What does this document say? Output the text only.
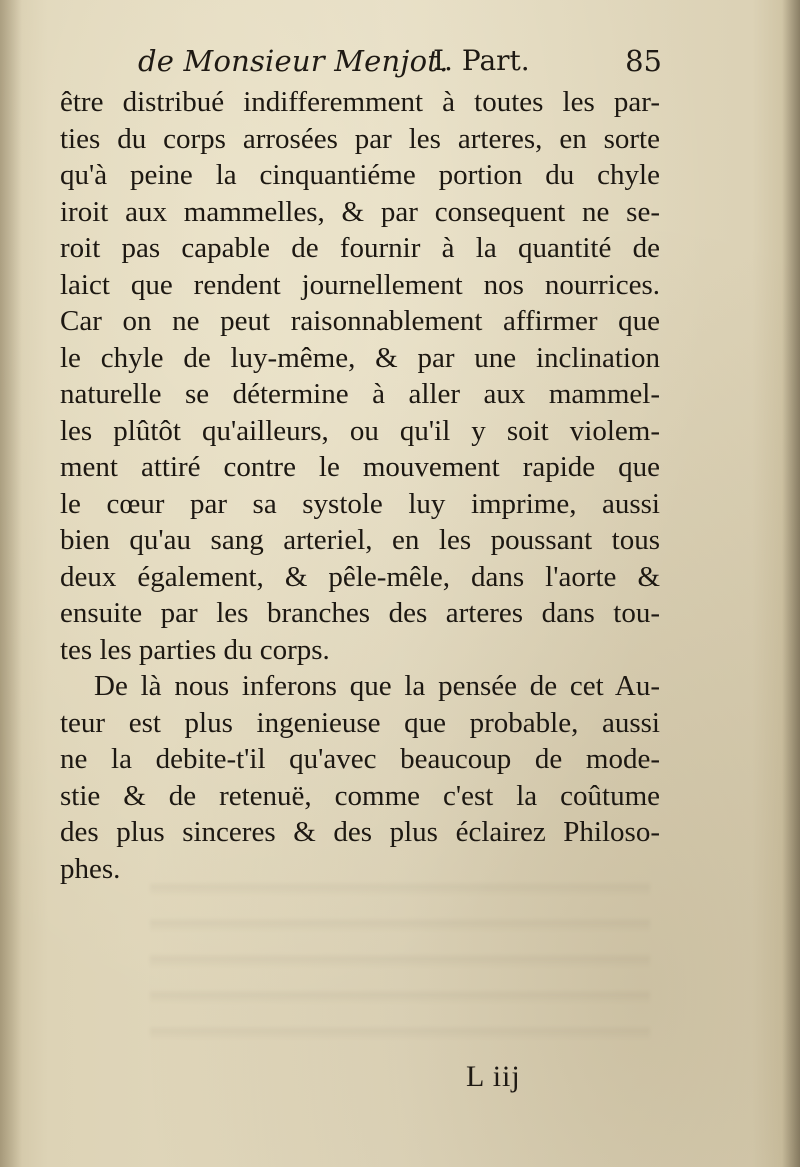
de Monsieur Menjot.
I. Part.	85
être distribué indifferemment à toutes les par-
ties du corps arrosées par les arteres, en sorte
qu'à peine la cinquantiéme portion du chyle
iroit aux mammelles, & par consequent ne se-
roit pas capable de fournir à la quantité de
laict que rendent journellement nos nourrices.
Car on ne peut raisonnablement affirmer que
le chyle de luy-même, & par une inclination
naturelle se détermine à aller aux mammel-
les plûtôt qu'ailleurs, ou qu'il y soit violem-
ment attiré contre le mouvement rapide que
le cœur par sa systole luy imprime, aussi
bien qu'au sang arteriel, en les poussant tous
deux également, & pêle-mêle, dans l'aorte &
ensuite par les branches des arteres dans tou-
tes les parties du corps.
De là nous inferons que la pensée de cet Au-
teur est plus ingenieuse que probable, aussi
ne la debite-t'il qu'avec beaucoup de mode-
stie & de retenuë, comme c'est la coûtume
des plus sinceres & des plus éclairez Philoso-
phes.
L iij
